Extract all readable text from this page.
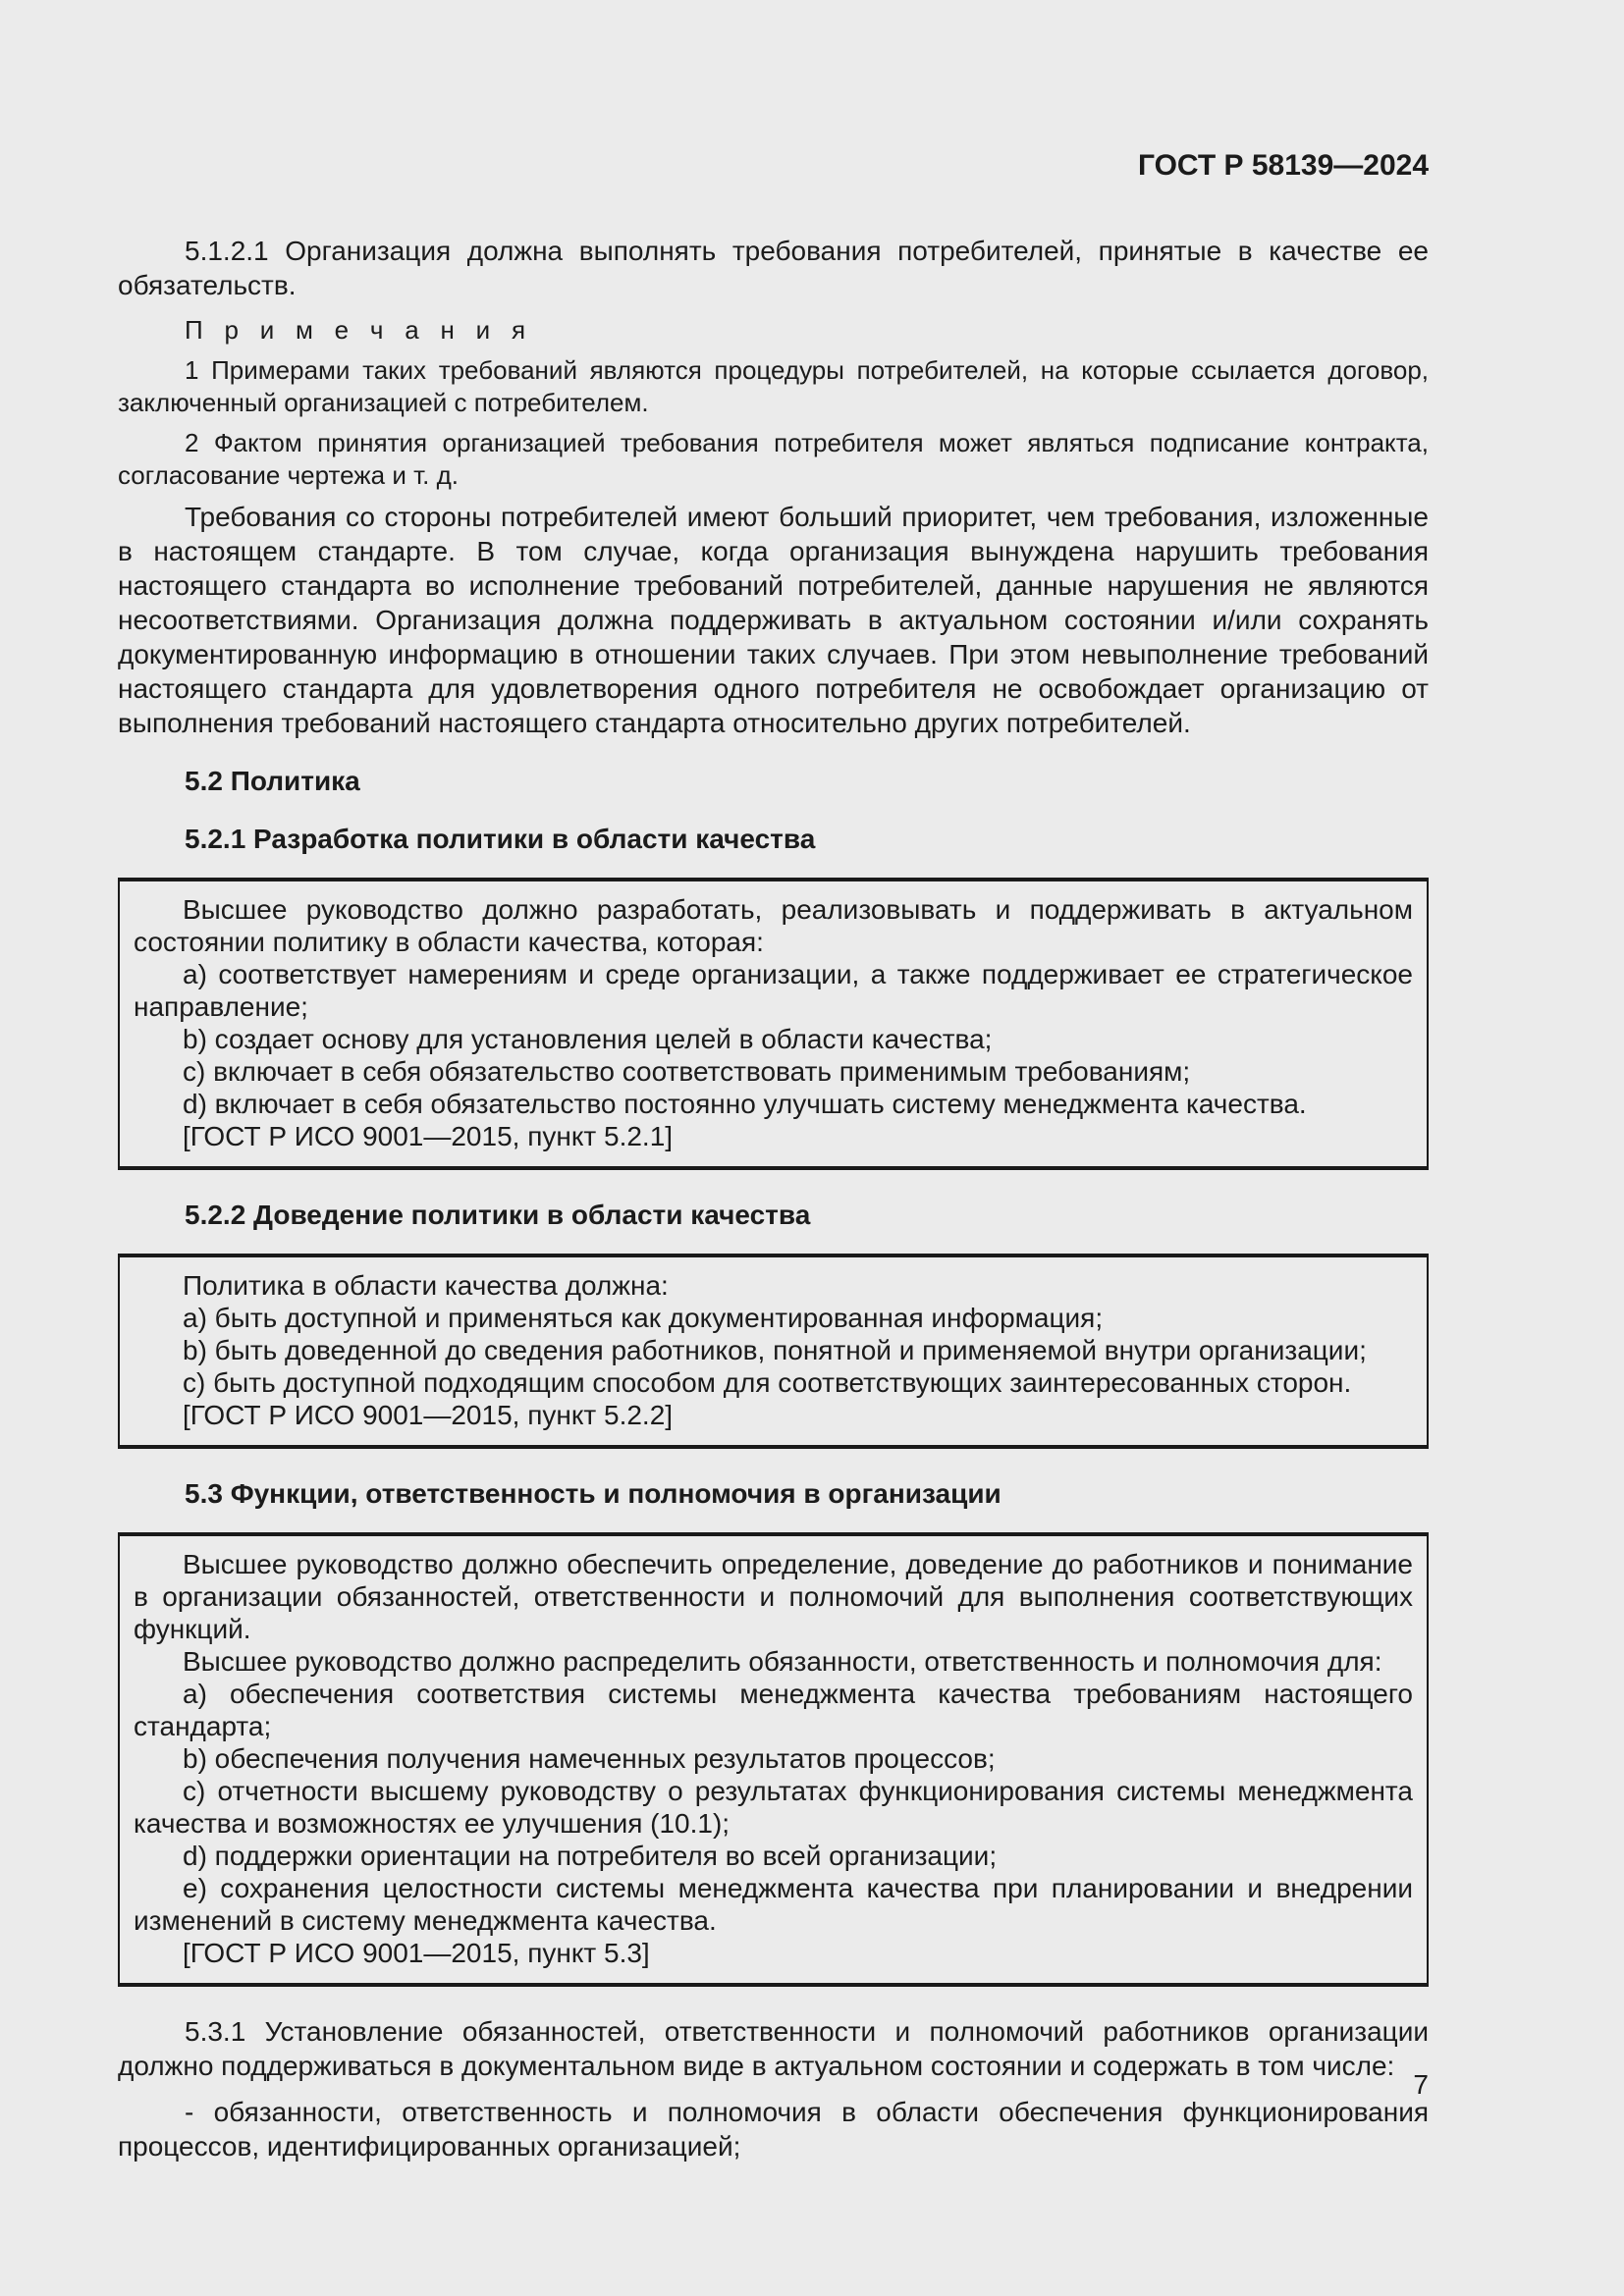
ГОСТ Р 58139—2024

5.1.2.1 Организация должна выполнять требования потребителей, принятые в качестве ее обязательств.

П р и м е ч а н и я

1 Примерами таких требований являются процедуры потребителей, на которые ссылается договор, заключенный организацией с потребителем.

2 Фактом принятия организацией требования потребителя может являться подписание контракта, согласование чертежа и т. д.

Требования со стороны потребителей имеют больший приоритет, чем требования, изложенные в настоящем стандарте. В том случае, когда организация вынуждена нарушить требования настоящего стандарта во исполнение требований потребителей, данные нарушения не являются несоответствиями. Организация должна поддерживать в актуальном состоянии и/или сохранять документированную информацию в отношении таких случаев. При этом невыполнение требований настоящего стандарта для удовлетворения одного потребителя не освобождает организацию от выполнения требований настоящего стандарта относительно других потребителей.

5.2 Политика

5.2.1 Разработка политики в области качества

Высшее руководство должно разработать, реализовывать и поддерживать в актуальном состоянии политику в области качества, которая:

a) соответствует намерениям и среде организации, а также поддерживает ее стратегическое направление;

b) создает основу для установления целей в области качества;

c) включает в себя обязательство соответствовать применимым требованиям;

d) включает в себя обязательство постоянно улучшать систему менеджмента качества.

[ГОСТ Р ИСО 9001—2015, пункт 5.2.1]

5.2.2 Доведение политики в области качества

Политика в области качества должна:

a) быть доступной и применяться как документированная информация;

b) быть доведенной до сведения работников, понятной и применяемой внутри организации;

c) быть доступной подходящим способом для соответствующих заинтересованных сторон.

[ГОСТ Р ИСО 9001—2015, пункт 5.2.2]

5.3 Функции, ответственность и полномочия в организации

Высшее руководство должно обеспечить определение, доведение до работников и понимание в организации обязанностей, ответственности и полномочий для выполнения соответствующих функций.

Высшее руководство должно распределить обязанности, ответственность и полномочия для:

a) обеспечения соответствия системы менеджмента качества требованиям настоящего стандарта;

b) обеспечения получения намеченных результатов процессов;

c) отчетности высшему руководству о результатах функционирования системы менеджмента качества и возможностях ее улучшения (10.1);

d) поддержки ориентации на потребителя во всей организации;

e) сохранения целостности системы менеджмента качества при планировании и внедрении изменений в систему менеджмента качества.

[ГОСТ Р ИСО 9001—2015, пункт 5.3]

5.3.1 Установление обязанностей, ответственности и полномочий работников организации должно поддерживаться в документальном виде в актуальном состоянии и содержать в том числе:

- обязанности, ответственность и полномочия в области обеспечения функционирования процессов, идентифицированных организацией;

7
